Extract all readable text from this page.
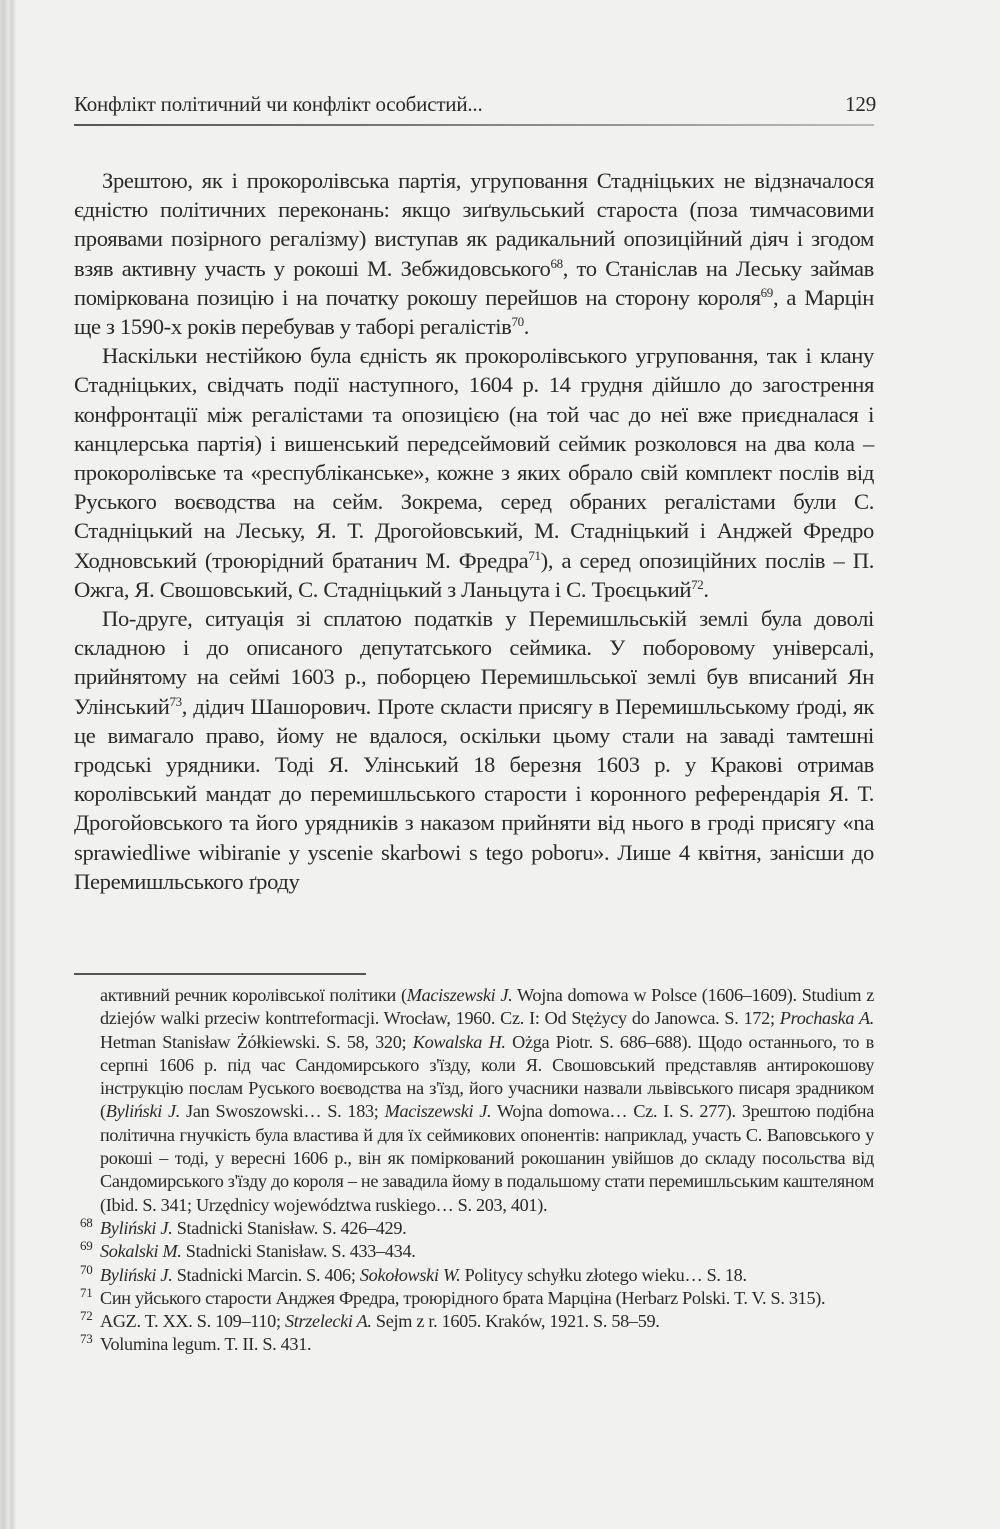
Конфлікт політичний чи конфлікт особистий...	129

Зрештою, як і прокоролівська партія, угруповання Стадніцьких не відзначалося єдністю політичних переконань: якщо зиґвульський староста (поза тимчасовими проявами позірного регалізму) виступав як радикальний опозиційний діяч і згодом взяв активну участь у рокоші М. Зебжидовського$^{68}$, то Станіслав на Леську займав поміркована позицію і на початку рокошу перейшов на сторону короля$^{69}$, а Марцін ще з 1590-х років перебував у таборі регалістів$^{70}$.

Наскільки нестійкою була єдність як прокоролівського угруповання, так і клану Стадніцьких, свідчать події наступного, 1604 р. 14 грудня дійшло до загострення конфронтації між регалістами та опозицією (на той час до неї вже приєдналася і канцлерська партія) і вишенський передсеймовий сеймик розколовся на два кола – прокоролівське та «республіканське», кожне з яких обрало свій комплект послів від Руського воєводства на сейм. Зокрема, серед обраних регалістами були С. Стадніцький на Леську, Я. Т. Дрогойовський, М. Стадніцький і Анджей Фредро Ходновський (троюрідний братанич М. Фредра$^{71}$), а серед опозиційних послів – П. Ожга, Я. Свошовський, С. Стадніцький з Ланьцута і С. Троєцький$^{72}$.

По-друге, ситуація зі сплатою податків у Перемишльській землі була доволі складною і до описаного депутатського сеймика. У поборовому універсалі, прийнятому на сеймі 1603 р., поборцею Перемишльської землі був вписаний Ян Улінський$^{73}$, дідич Шашорович. Проте скласти присягу в Перемишльському ґроді, як це вимагало право, йому не вдалося, оскільки цьому стали на заваді тамтешні гродські урядники. Тоді Я. Улінський 18 березня 1603 р. у Кракові отримав королівський мандат до перемишльського старости і коронного референдарія Я. Т. Дрогойовського та його урядників з наказом прийняти від нього в гроді присягу «na sprawiedliwe wibiranie y yscenie skarbowi s tego poboru». Лише 4 квітня, занісши до Перемишльського ґроду

активний речник королівської політики (Maciszewski J. Wojna domowa w Polsce (1606–1609). Studium z dziejów walki przeciw kontrreformacji. Wrocław, 1960. Cz. I: Od Stężycy do Janowca. S. 172; Prochaska A. Hetman Stanisław Żółkiewski. S. 58, 320; Kowalska H. Ożga Piotr. S. 686–688). Щодо останнього, то в серпні 1606 р. під час Сандомирського з'їзду, коли Я. Свошовський представляв антирокошову інструкцію послам Руського воєводства на з'їзд, його учасники назвали львівського писаря зрадником (Byliński J. Jan Swoszowski… S. 183; Maciszewski J. Wojna domowa… Cz. I. S. 277). Зрештою подібна політична гнучкість була властива й для їх сеймикових опонентів: наприклад, участь С. Ваповського у рокоші – тоді, у вересні 1606 р., він як поміркований рокошанин увійшов до складу посольства від Сандомирського з'їзду до короля – не завадила йому в подальшому стати перемишльським каштеляном (Ibid. S. 341; Urzędnicy województwa ruskiego… S. 203, 401).

68 Byliński J. Stadnicki Stanisław. S. 426–429.

69 Sokalski M. Stadnicki Stanisław. S. 433–434.

70 Byliński J. Stadnicki Marcin. S. 406; Sokołowski W. Politycy schyłku złotego wieku… S. 18.

71 Син уйського старости Анджея Фредра, троюрідного брата Марціна (Herbarz Polski. T. V. S. 315).

72 AGZ. T. XX. S. 109–110; Strzelecki A. Sejm z r. 1605. Kraków, 1921. S. 58–59.

73 Volumina legum. T. II. S. 431.
